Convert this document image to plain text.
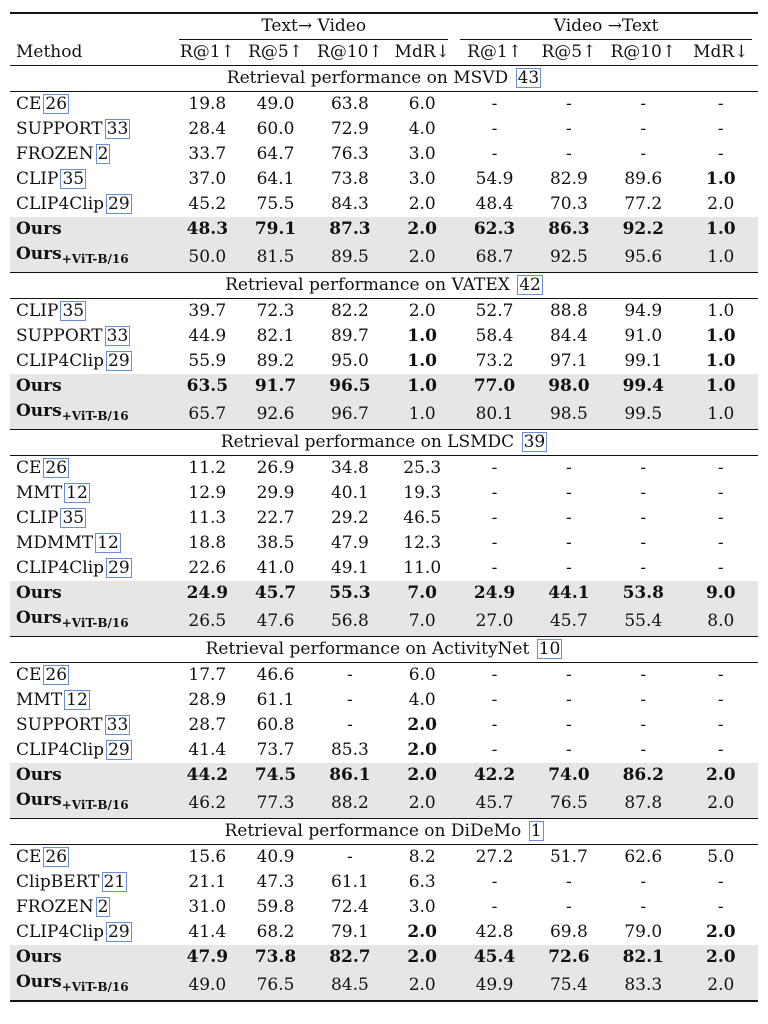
	Text→ Video				Video →Text			

Method	R@1↑	R@5↑	R@10↑	MdR↓	R@1↑	R@5↑	R@10↑	MdR↓
Retrieval performance on MSVD 43								
CE 26	19.8	49.0	63.8	6.0	-	-	-	-
SUPPORT 33	28.4	60.0	72.9	4.0	-	-	-	-
FROZEN 2	33.7	64.7	76.3	3.0	-	-	-	-
CLIP 35	37.0	64.1	73.8	3.0	54.9	82.9	89.6	1.0
CLIP4Clip 29	45.2	75.5	84.3	2.0	48.4	70.3	77.2	2.0
Ours	48.3	79.1	87.3	2.0	62.3	86.3	92.2	1.0
Ours$_{+ViT-B/16}$	50.0	81.5	89.5	2.0	68.7	92.5	95.6	1.0
Retrieval performance on VATEX 42								
CLIP 35	39.7	72.3	82.2	2.0	52.7	88.8	94.9	1.0
SUPPORT 33	44.9	82.1	89.7	1.0	58.4	84.4	91.0	1.0
CLIP4Clip 29	55.9	89.2	95.0	1.0	73.2	97.1	99.1	1.0
Ours	63.5	91.7	96.5	1.0	77.0	98.0	99.4	1.0
Ours$_{+ViT-B/16}$	65.7	92.6	96.7	1.0	80.1	98.5	99.5	1.0
Retrieval performance on LSMDC 39								
CE 26	11.2	26.9	34.8	25.3	-	-	-	-
MMT 12	12.9	29.9	40.1	19.3	-	-	-	-
CLIP 35	11.3	22.7	29.2	46.5	-	-	-	-
MDMMT 12	18.8	38.5	47.9	12.3	-	-	-	-
CLIP4Clip 29	22.6	41.0	49.1	11.0	-	-	-	-
Ours	24.9	45.7	55.3	7.0	24.9	44.1	53.8	9.0
Ours$_{+ViT-B/16}$	26.5	47.6	56.8	7.0	27.0	45.7	55.4	8.0
Retrieval performance on ActivityNet 10								
CE 26	17.7	46.6	-	6.0	-	-	-	-
MMT 12	28.9	61.1	-	4.0	-	-	-	-
SUPPORT 33	28.7	60.8	-	2.0	-	-	-	-
CLIP4Clip 29	41.4	73.7	85.3	2.0	-	-	-	-
Ours	44.2	74.5	86.1	2.0	42.2	74.0	86.2	2.0
Ours$_{+ViT-B/16}$	46.2	77.3	88.2	2.0	45.7	76.5	87.8	2.0
Retrieval performance on DiDeMo 1								
CE 26	15.6	40.9	-	8.2	27.2	51.7	62.6	5.0
ClipBERT 21	21.1	47.3	61.1	6.3	-	-	-	-
FROZEN 2	31.0	59.8	72.4	3.0	-	-	-	-
CLIP4Clip 29	41.4	68.2	79.1	2.0	42.8	69.8	79.0	2.0
Ours	47.9	73.8	82.7	2.0	45.4	72.6	82.1	2.0
Ours$_{+ViT-B/16}$	49.0	76.5	84.5	2.0	49.9	75.4	83.3	2.0
